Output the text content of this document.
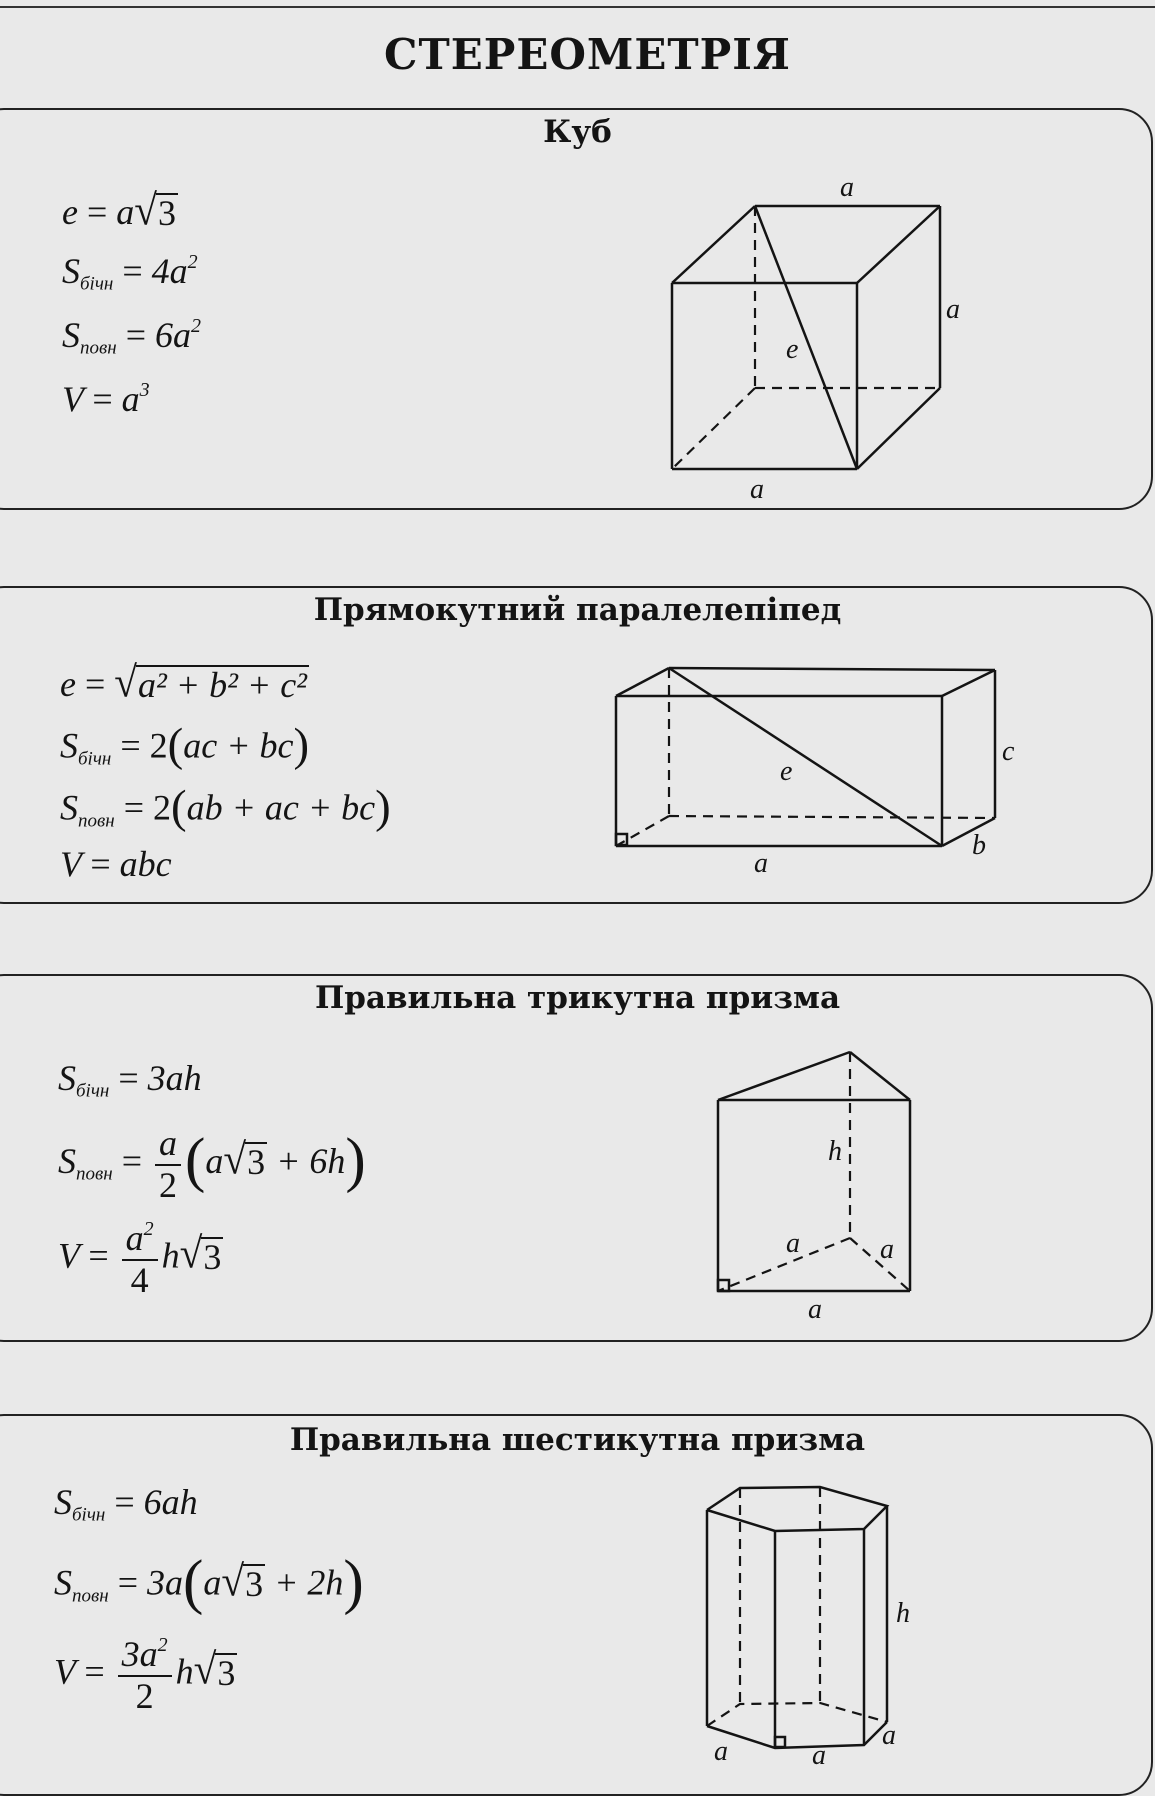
СТЕРЕОМЕТРІЯ
Куб
e = a √ 3
$S_{бічн} = 4a^2$
$S_{повн} = 6a^2$
$V = a^3$
a
a
e
a
Прямокутний паралелепіпед
e = √ a² + b² + c²
$S_{бічн} = 2(ac + bc)$
$S_{повн} = 2(ab$ + ac + bc)
V = abc
c
e
b
a
Правильна трикутна призма
$S_{бічн} = 3ah$
$S_{повн} = \frac{a}{2} (a$ √ 3 + 6h)
$V = \frac{a^2}{4}$ h √ 3
h
a	a
a
Правильна шестикутна призма
$S_{бічн} = 6ah$
$S_{повн} = 3a(a$ √ 3 + 2h)
$V = \frac{3a^2}{2}$ h √ 3
h
a	a
a
